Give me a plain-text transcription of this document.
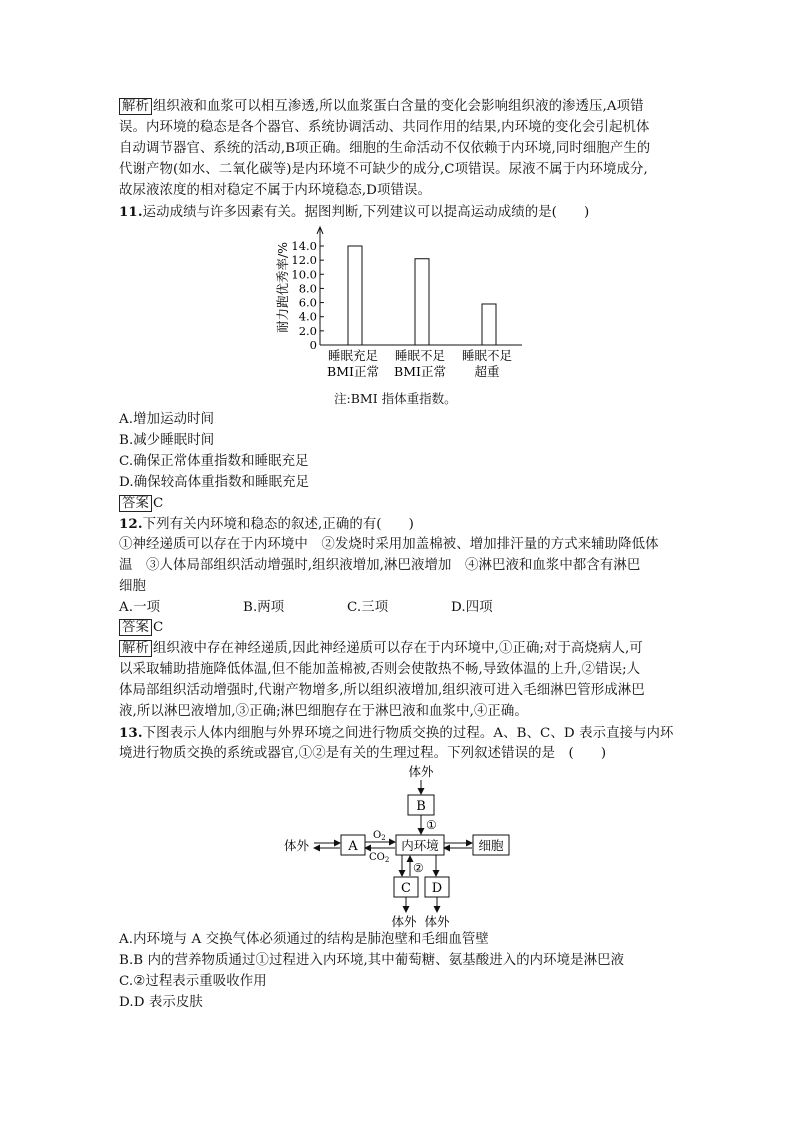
解析 组织液和血浆可以相互渗透,所以血浆蛋白含量的变化会影响组织液的渗透压,A项错
误。内环境的稳态是各个器官、系统协调活动、共同作用的结果,内环境的变化会引起机体
自动调节器官、系统的活动,B项正确。细胞的生命活动不仅依赖于内环境,同时细胞产生的
代谢产物(如水、二氧化碳等)是内环境不可缺少的成分,C项错误。尿液不属于内环境成分,
故尿液浓度的相对稳定不属于内环境稳态,D项错误。
11.运动成绩与许多因素有关。据图判断,下列建议可以提高运动成绩的是(　　)
0
2.0
4.0
6.0
8.0
10.0
12.0
14.0
耐力跑优秀率/%
睡眠充足
BMI正常
睡眠不足
BMI正常
睡眠不足
超重
注:BMI 指体重指数。
A.增加运动时间
B.减少睡眠时间
C.确保正常体重指数和睡眠充足
D.确保较高体重指数和睡眠充足
答案 C
12.下列有关内环境和稳态的叙述,正确的有(　　)
①神经递质可以存在于内环境中　②发烧时采用加盖棉被、增加排汗量的方式来辅助降低体
温　③人体局部组织活动增强时,组织液增加,淋巴液增加　④淋巴液和血浆中都含有淋巴
细胞
A.一项	B.两项	C.三项	D.四项
答案 C
解析 组织液中存在神经递质,因此神经递质可以存在于内环境中,①正确;对于高烧病人,可
以采取辅助措施降低体温,但不能加盖棉被,否则会使散热不畅,导致体温的上升,②错误;人
体局部组织活动增强时,代谢产物增多,所以组织液增加,组织液可进入毛细淋巴管形成淋巴
液,所以淋巴液增加,③正确;淋巴细胞存在于淋巴液和血浆中,④正确。
13.下图表示人体内细胞与外界环境之间进行物质交换的过程。A、B、C、D 表示直接与内环
境进行物质交换的系统或器官,①②是有关的生理过程。下列叙述错误的是　(　　)
体外
B
①
内环境
体外	A
$O_2$
$CO_2$
细胞
②
C D
体外 体外
A.内环境与 A 交换气体必须通过的结构是肺泡壁和毛细血管壁
B.B 内的营养物质通过①过程进入内环境,其中葡萄糖、氨基酸进入的内环境是淋巴液
C.②过程表示重吸收作用
D.D 表示皮肤
